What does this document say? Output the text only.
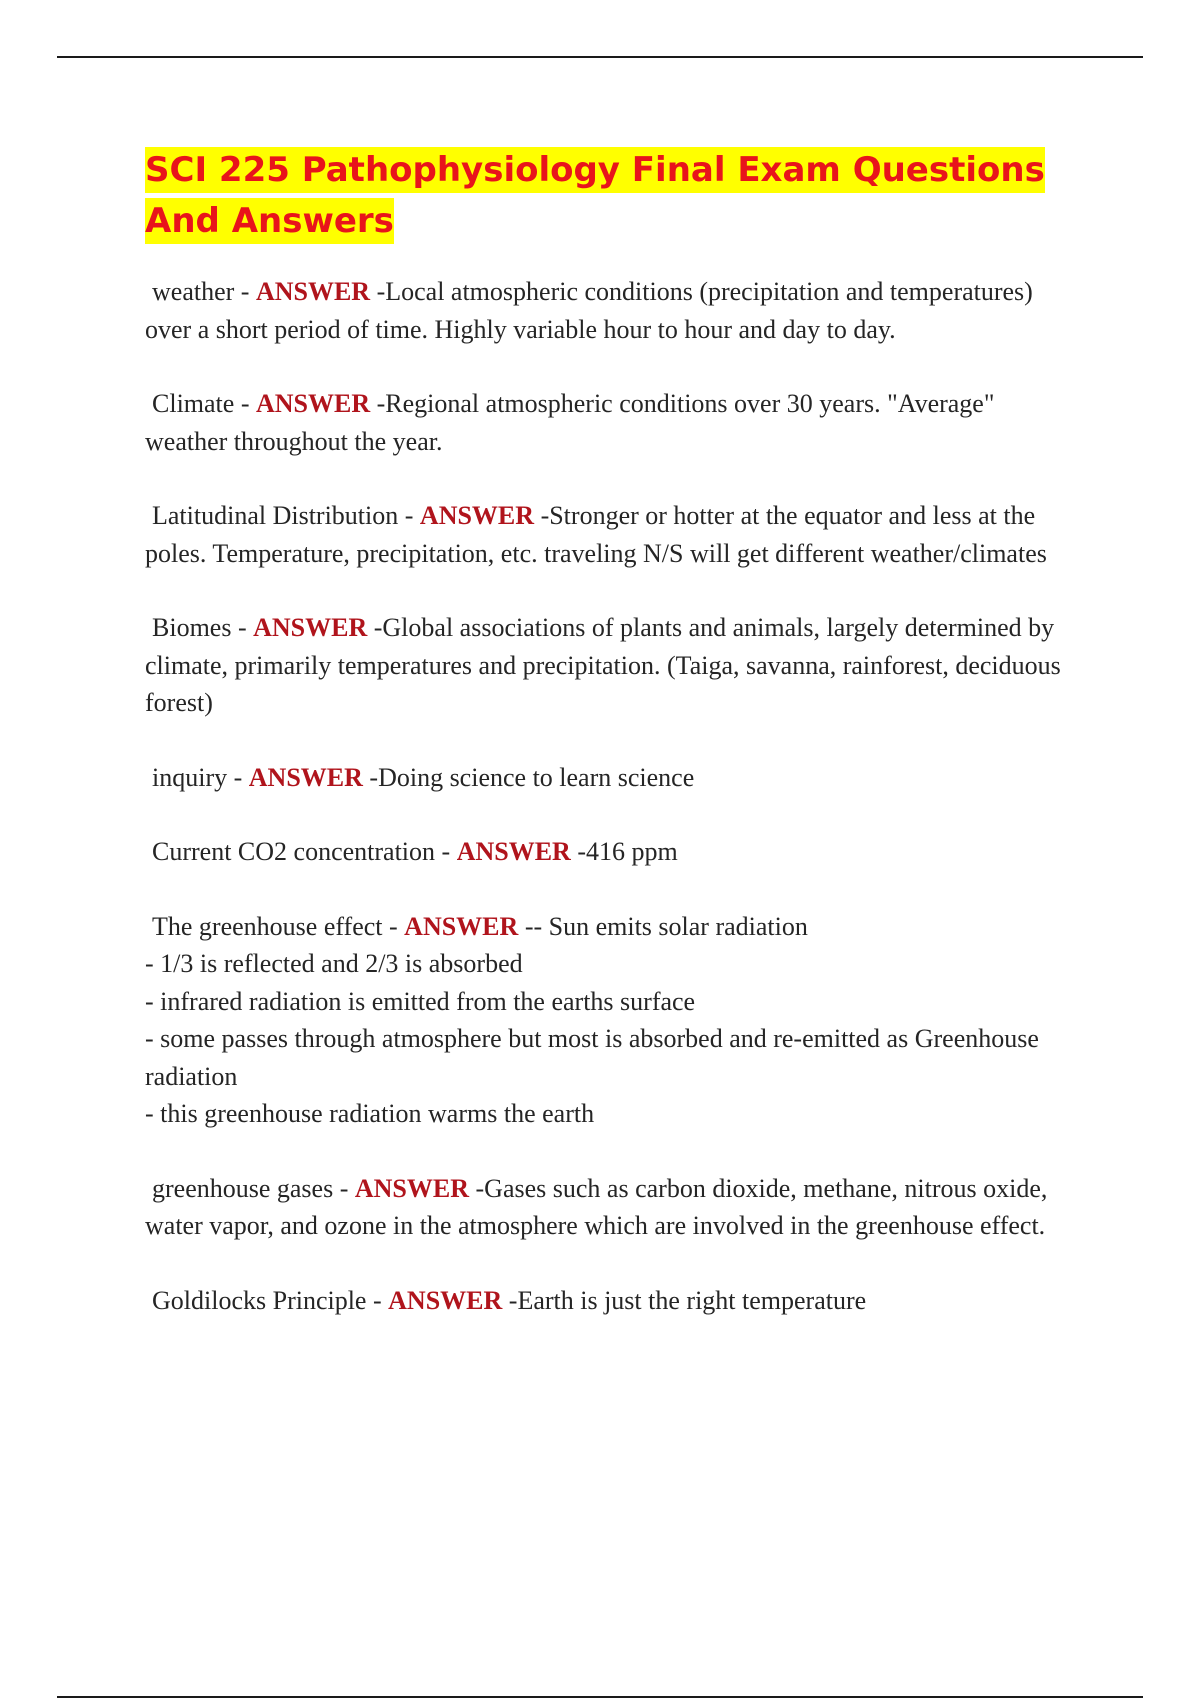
SCI 225 Pathophysiology Final Exam Questions And Answers

weather - ANSWER -Local atmospheric conditions (precipitation and temperatures) over a short period of time. Highly variable hour to hour and day to day.

Climate - ANSWER -Regional atmospheric conditions over 30 years. "Average" weather throughout the year.

Latitudinal Distribution - ANSWER -Stronger or hotter at the equator and less at the poles. Temperature, precipitation, etc. traveling N/S will get different weather/climates

Biomes - ANSWER -Global associations of plants and animals, largely determined by climate, primarily temperatures and precipitation. (Taiga, savanna, rainforest, deciduous forest)

inquiry - ANSWER -Doing science to learn science

Current CO2 concentration - ANSWER -416 ppm

The greenhouse effect - ANSWER -- Sun emits solar radiation
- 1/3 is reflected and 2/3 is absorbed
- infrared radiation is emitted from the earths surface
- some passes through atmosphere but most is absorbed and re-emitted as Greenhouse radiation
- this greenhouse radiation warms the earth

greenhouse gases - ANSWER -Gases such as carbon dioxide, methane, nitrous oxide, water vapor, and ozone in the atmosphere which are involved in the greenhouse effect.

Goldilocks Principle - ANSWER -Earth is just the right temperature
